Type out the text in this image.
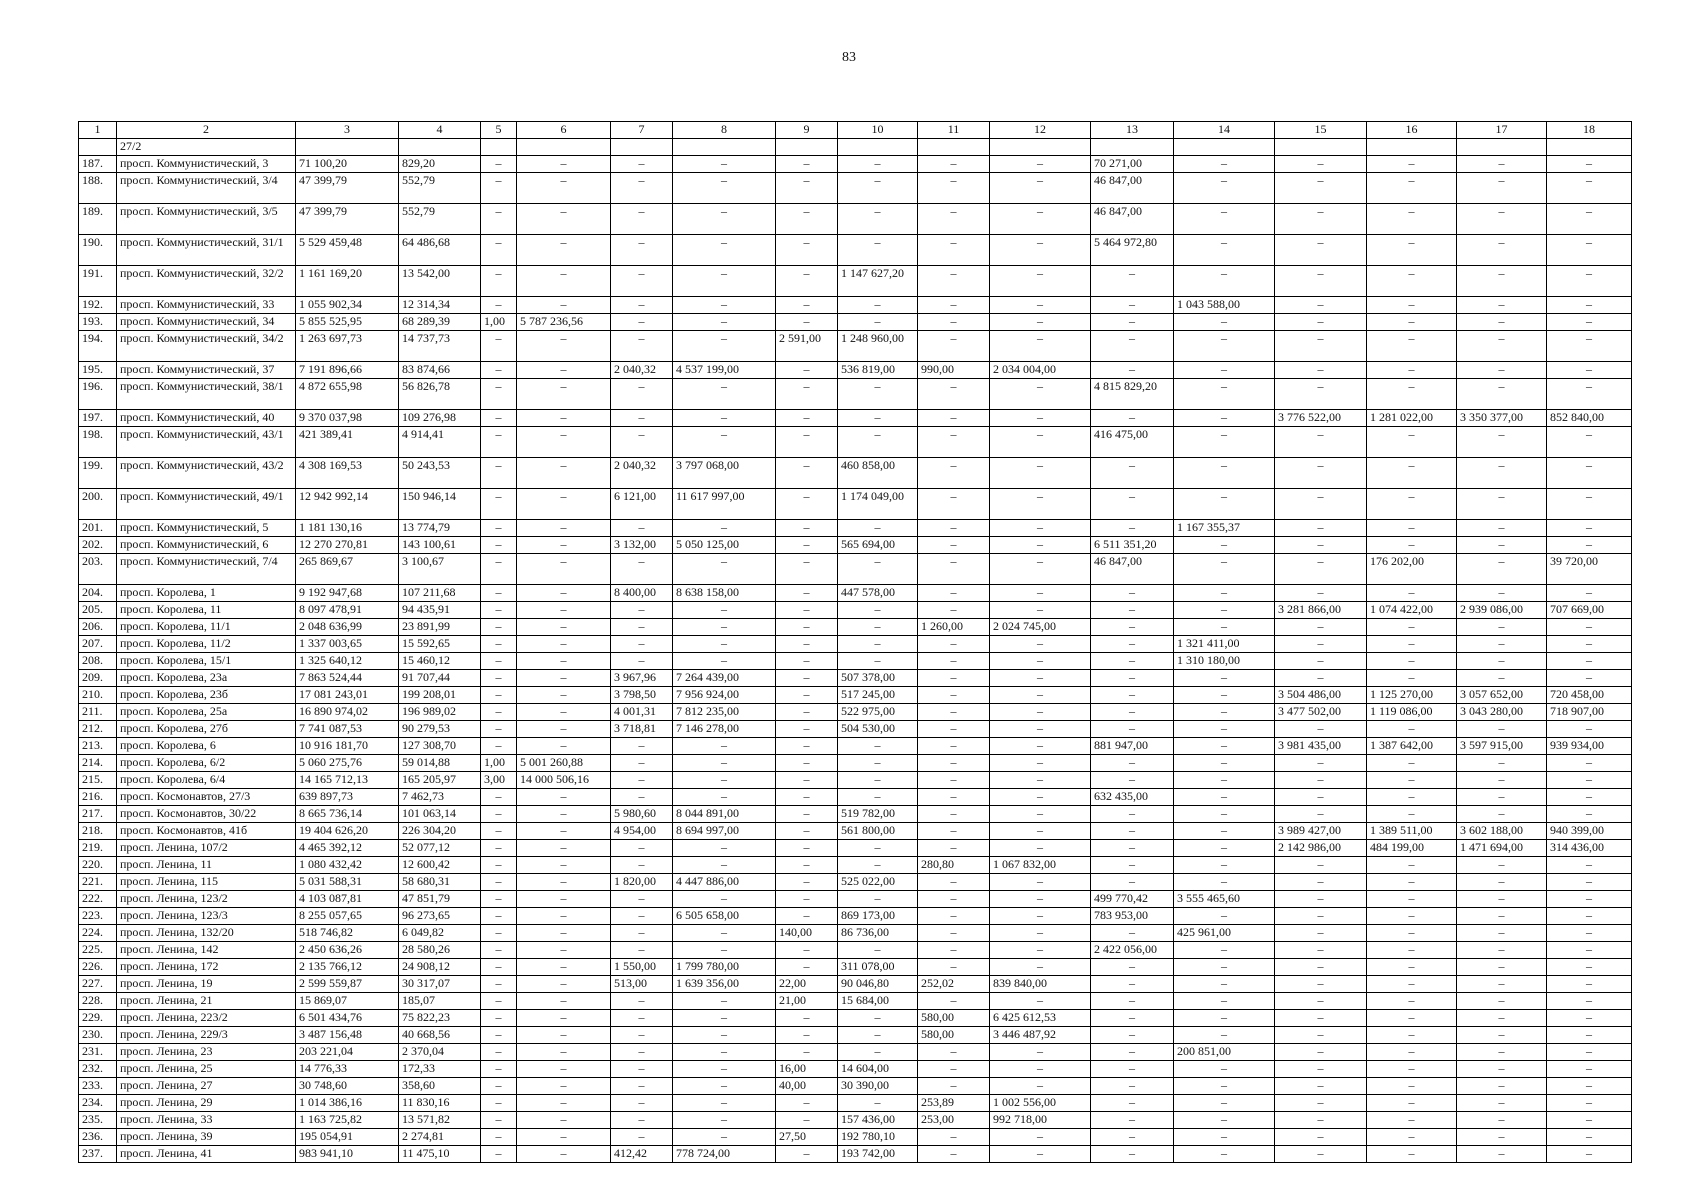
83
1	2	3	4	5	6	7	8	9	10	11	12	13	14	15	16	17	18
	27/2																
187.	просп. Коммунистический, 3	71 100,20	829,20	–	–	–	–	–	–	–	–	70 271,00	–	–	–	–	–
188.	просп. Коммунистический, 3/4	47 399,79	552,79	–	–	–	–	–	–	–	–	46 847,00	–	–	–	–	–
189.	просп. Коммунистический, 3/5	47 399,79	552,79	–	–	–	–	–	–	–	–	46 847,00	–	–	–	–	–
190.	просп. Коммунистический, 31/1	5 529 459,48	64 486,68	–	–	–	–	–	–	–	–	5 464 972,80	–	–	–	–	–
191.	просп. Коммунистический, 32/2	1 161 169,20	13 542,00	–	–	–	–	–	1 147 627,20	–	–	–	–	–	–	–	–
192.	просп. Коммунистический, 33	1 055 902,34	12 314,34	–	–	–	–	–	–	–	–	–	1 043 588,00	–	–	–	–
193.	просп. Коммунистический, 34	5 855 525,95	68 289,39	1,00	5 787 236,56	–	–	–	–	–	–	–	–	–	–	–	–
194.	просп. Коммунистический, 34/2	1 263 697,73	14 737,73	–	–	–	–	2 591,00	1 248 960,00	–	–	–	–	–	–	–	–
195.	просп. Коммунистический, 37	7 191 896,66	83 874,66	–	–	2 040,32	4 537 199,00	–	536 819,00	990,00	2 034 004,00	–	–	–	–	–	–
196.	просп. Коммунистический, 38/1	4 872 655,98	56 826,78	–	–	–	–	–	–	–	–	4 815 829,20	–	–	–	–	–
197.	просп. Коммунистический, 40	9 370 037,98	109 276,98	–	–	–	–	–	–	–	–	–	–	3 776 522,00	1 281 022,00	3 350 377,00	852 840,00
198.	просп. Коммунистический, 43/1	421 389,41	4 914,41	–	–	–	–	–	–	–	–	416 475,00	–	–	–	–	–
199.	просп. Коммунистический, 43/2	4 308 169,53	50 243,53	–	–	2 040,32	3 797 068,00	–	460 858,00	–	–	–	–	–	–	–	–
200.	просп. Коммунистический, 49/1	12 942 992,14	150 946,14	–	–	6 121,00	11 617 997,00	–	1 174 049,00	–	–	–	–	–	–	–	–
201.	просп. Коммунистический, 5	1 181 130,16	13 774,79	–	–	–	–	–	–	–	–	–	1 167 355,37	–	–	–	–
202.	просп. Коммунистический, 6	12 270 270,81	143 100,61	–	–	3 132,00	5 050 125,00	–	565 694,00	–	–	6 511 351,20	–	–	–	–	–
203.	просп. Коммунистический, 7/4	265 869,67	3 100,67	–	–	–	–	–	–	–	–	46 847,00	–	–	176 202,00	–	39 720,00
204.	просп. Королева, 1	9 192 947,68	107 211,68	–	–	8 400,00	8 638 158,00	–	447 578,00	–	–	–	–	–	–	–	–
205.	просп. Королева, 11	8 097 478,91	94 435,91	–	–	–	–	–	–	–	–	–	–	3 281 866,00	1 074 422,00	2 939 086,00	707 669,00
206.	просп. Королева, 11/1	2 048 636,99	23 891,99	–	–	–	–	–	–	1 260,00	2 024 745,00	–	–	–	–	–	–
207.	просп. Королева, 11/2	1 337 003,65	15 592,65	–	–	–	–	–	–	–	–	–	1 321 411,00	–	–	–	–
208.	просп. Королева, 15/1	1 325 640,12	15 460,12	–	–	–	–	–	–	–	–	–	1 310 180,00	–	–	–	–
209.	просп. Королева, 23а	7 863 524,44	91 707,44	–	–	3 967,96	7 264 439,00	–	507 378,00	–	–	–	–	–	–	–	–
210.	просп. Королева, 23б	17 081 243,01	199 208,01	–	–	3 798,50	7 956 924,00	–	517 245,00	–	–	–	–	3 504 486,00	1 125 270,00	3 057 652,00	720 458,00
211.	просп. Королева, 25а	16 890 974,02	196 989,02	–	–	4 001,31	7 812 235,00	–	522 975,00	–	–	–	–	3 477 502,00	1 119 086,00	3 043 280,00	718 907,00
212.	просп. Королева, 27б	7 741 087,53	90 279,53	–	–	3 718,81	7 146 278,00	–	504 530,00	–	–	–	–	–	–	–	–
213.	просп. Королева, 6	10 916 181,70	127 308,70	–	–	–	–	–	–	–	–	881 947,00	–	3 981 435,00	1 387 642,00	3 597 915,00	939 934,00
214.	просп. Королева, 6/2	5 060 275,76	59 014,88	1,00	5 001 260,88	–	–	–	–	–	–	–	–	–	–	–	–
215.	просп. Королева, 6/4	14 165 712,13	165 205,97	3,00	14 000 506,16	–	–	–	–	–	–	–	–	–	–	–	–
216.	просп. Космонавтов, 27/3	639 897,73	7 462,73	–	–	–	–	–	–	–	–	632 435,00	–	–	–	–	–
217.	просп. Космонавтов, 30/22	8 665 736,14	101 063,14	–	–	5 980,60	8 044 891,00	–	519 782,00	–	–	–	–	–	–	–	–
218.	просп. Космонавтов, 41б	19 404 626,20	226 304,20	–	–	4 954,00	8 694 997,00	–	561 800,00	–	–	–	–	3 989 427,00	1 389 511,00	3 602 188,00	940 399,00
219.	просп. Ленина, 107/2	4 465 392,12	52 077,12	–	–	–	–	–	–	–	–	–	–	2 142 986,00	484 199,00	1 471 694,00	314 436,00
220.	просп. Ленина, 11	1 080 432,42	12 600,42	–	–	–	–	–	–	280,80	1 067 832,00	–	–	–	–	–	–
221.	просп. Ленина, 115	5 031 588,31	58 680,31	–	–	1 820,00	4 447 886,00	–	525 022,00	–	–	–	–	–	–	–	–
222.	просп. Ленина, 123/2	4 103 087,81	47 851,79	–	–	–	–	–	–	–	–	499 770,42	3 555 465,60	–	–	–	–
223.	просп. Ленина, 123/3	8 255 057,65	96 273,65	–	–	–	6 505 658,00	–	869 173,00	–	–	783 953,00	–	–	–	–	–
224.	просп. Ленина, 132/20	518 746,82	6 049,82	–	–	–	–	140,00	86 736,00	–	–	–	425 961,00	–	–	–	–
225.	просп. Ленина, 142	2 450 636,26	28 580,26	–	–	–	–	–	–	–	–	2 422 056,00	–	–	–	–	–
226.	просп. Ленина, 172	2 135 766,12	24 908,12	–	–	1 550,00	1 799 780,00	–	311 078,00	–	–	–	–	–	–	–	–
227.	просп. Ленина, 19	2 599 559,87	30 317,07	–	–	513,00	1 639 356,00	22,00	90 046,80	252,02	839 840,00	–	–	–	–	–	–
228.	просп. Ленина, 21	15 869,07	185,07	–	–	–	–	21,00	15 684,00	–	–	–	–	–	–	–	–
229.	просп. Ленина, 223/2	6 501 434,76	75 822,23	–	–	–	–	–	–	580,00	6 425 612,53	–	–	–	–	–	–
230.	просп. Ленина, 229/3	3 487 156,48	40 668,56	–	–	–	–	–	–	580,00	3 446 487,92	–	–	–	–	–	–
231.	просп. Ленина, 23	203 221,04	2 370,04	–	–	–	–	–	–	–	–	–	200 851,00	–	–	–	–
232.	просп. Ленина, 25	14 776,33	172,33	–	–	–	–	16,00	14 604,00	–	–	–	–	–	–	–	–
233.	просп. Ленина, 27	30 748,60	358,60	–	–	–	–	40,00	30 390,00	–	–	–	–	–	–	–	–
234.	просп. Ленина, 29	1 014 386,16	11 830,16	–	–	–	–	–	–	253,89	1 002 556,00	–	–	–	–	–	–
235.	просп. Ленина, 33	1 163 725,82	13 571,82	–	–	–	–	–	157 436,00	253,00	992 718,00	–	–	–	–	–	–
236.	просп. Ленина, 39	195 054,91	2 274,81	–	–	–	–	27,50	192 780,10	–	–	–	–	–	–	–	–
237.	просп. Ленина, 41	983 941,10	11 475,10	–	–	412,42	778 724,00	–	193 742,00	–	–	–	–	–	–	–	–
